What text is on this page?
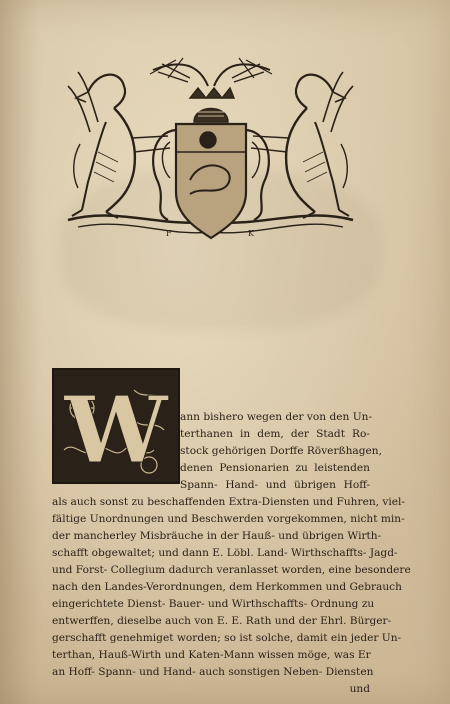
F	K
W ann bishero wegen der von den Un-
terthanen in dem, der Stadt Ro-
stock gehörigen Dorffe Röverßhagen,
denen Pensionarien zu leistenden
Spann- Hand- und übrigen Hoff-
als auch sonst zu beschaffenden Extra-Diensten und Fuhren, viel-
fältige Unordnungen und Beschwerden vorgekommen, nicht min-
der mancherley Misbräuche in der Hauß- und übrigen Wirth-
schafft obgewaltet; und dann E. Löbl. Land- Wirthschaffts- Jagd-
und Forst- Collegium dadurch veranlasset worden, eine besondere
nach den Landes-Verordnungen, dem Herkommen und Gebrauch
eingerichtete Dienst- Bauer- und Wirthschaffts- Ordnung zu
entwerffen, dieselbe auch von E. E. Rath und der Ehrl. Bürger-
gerschafft genehmiget worden; so ist solche, damit ein jeder Un-
terthan, Hauß-Wirth und Katen-Mann wissen möge, was Er
an Hoff- Spann- und Hand- auch sonstigen Neben- Diensten
und
